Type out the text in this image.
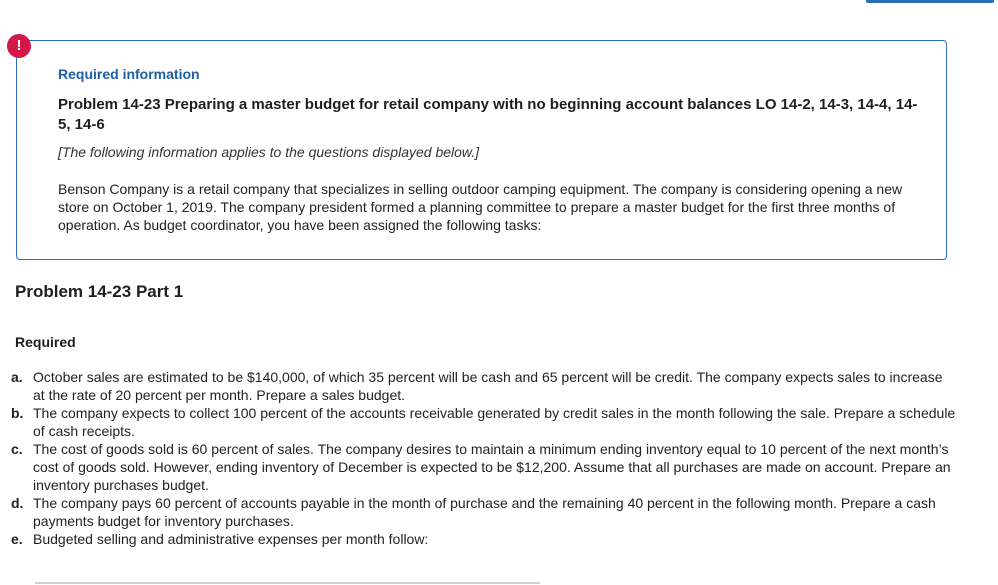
!
Required information
Problem 14-23 Preparing a master budget for retail company with no beginning account balances LO 14-2, 14-3, 14-4, 14-5, 14-6
[The following information applies to the questions displayed below.]
Benson Company is a retail company that specializes in selling outdoor camping equipment. The company is considering opening a new store on October 1, 2019. The company president formed a planning committee to prepare a master budget for the first three months of operation. As budget coordinator, you have been assigned the following tasks:
Problem 14-23 Part 1
Required
a. October sales are estimated to be $140,000, of which 35 percent will be cash and 65 percent will be credit. The company expects sales to increase at the rate of 20 percent per month. Prepare a sales budget.
b. The company expects to collect 100 percent of the accounts receivable generated by credit sales in the month following the sale. Prepare a schedule of cash receipts.
c. The cost of goods sold is 60 percent of sales. The company desires to maintain a minimum ending inventory equal to 10 percent of the next month’s cost of goods sold. However, ending inventory of December is expected to be $12,200. Assume that all purchases are made on account. Prepare an inventory purchases budget.
d. The company pays 60 percent of accounts payable in the month of purchase and the remaining 40 percent in the following month. Prepare a cash payments budget for inventory purchases.
e. Budgeted selling and administrative expenses per month follow:
